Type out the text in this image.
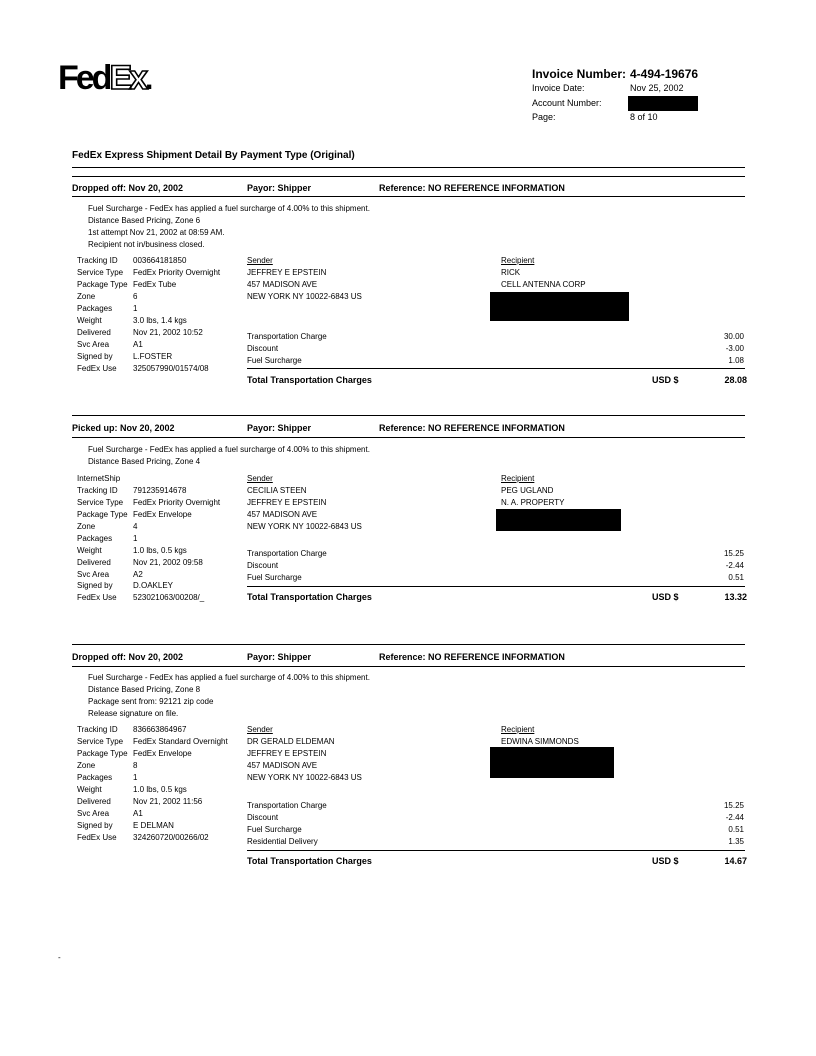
FedEx.	Invoice Number: 4-494-19676
Invoice Date:	Nov 25, 2002
Account Number:
Page:	8 of 10
FedEx Express Shipment Detail By Payment Type (Original)
Dropped off: Nov 20, 2002	Payor: Shipper	Reference: NO REFERENCE INFORMATION
Fuel Surcharge - FedEx has applied a fuel surcharge of 4.00% to this shipment.
Distance Based Pricing, Zone 6
1st attempt Nov 21, 2002 at 08:59 AM.
Recipient not in/business closed.
Tracking ID 003664181850
Service Type FedEx Priority Overnight
Package Type FedEx Tube
Zone	6
Packages	1
Weight	3.0 lbs, 1.4 kgs
Delivered	Nov 21, 2002 10:52
Svc Area	A1
Signed by	L.FOSTER
FedEx Use 325057990/01574/08
Sender
JEFFREY E EPSTEIN
457 MADISON AVE
NEW YORK NY 10022-6843 US
Recipient
RICK
CELL ANTENNA CORP
Transportation Charge	30.00
Discount	-3.00
Fuel Surcharge	1.08
Total Transportation Charges	USD $	28.08
Picked up: Nov 20, 2002	Payor: Shipper	Reference: NO REFERENCE INFORMATION
Fuel Surcharge - FedEx has applied a fuel surcharge of 4.00% to this shipment.
Distance Based Pricing, Zone 4
InternetShip
Tracking ID 791235914678
Service Type FedEx Priority Overnight
Package Type FedEx Envelope
Zone	4
Packages	1
Weight	1.0 lbs, 0.5 kgs
Delivered	Nov 21, 2002 09:58
Svc Area	A2
Signed by	D.OAKLEY
FedEx Use 523021063/00208/_
Sender
CECILIA STEEN
JEFFREY E EPSTEIN
457 MADISON AVE
NEW YORK NY 10022-6843 US
Recipient
PEG UGLAND
N. A. PROPERTY
Transportation Charge	15.25
Discount	-2.44
Fuel Surcharge	0.51
Total Transportation Charges	USD $	13.32
Dropped off: Nov 20, 2002	Payor: Shipper	Reference: NO REFERENCE INFORMATION
Fuel Surcharge - FedEx has applied a fuel surcharge of 4.00% to this shipment.
Distance Based Pricing, Zone 8
Package sent from: 92121 zip code
Release signature on file.
Tracking ID 836663864967
Service Type FedEx Standard Overnight
Package Type FedEx Envelope
Zone	8
Packages	1
Weight	1.0 lbs, 0.5 kgs
Delivered	Nov 21, 2002 11:56
Svc Area	A1
Signed by	E DELMAN
FedEx Use 324260720/00266/02
Sender
DR GERALD ELDEMAN
JEFFREY E EPSTEIN
457 MADISON AVE
NEW YORK NY 10022-6843 US
Recipient
EDWINA SIMMONDS
Transportation Charge	15.25
Discount	-2.44
Fuel Surcharge	0.51
Residential Delivery	1.35
Total Transportation Charges	USD $	14.67
-
